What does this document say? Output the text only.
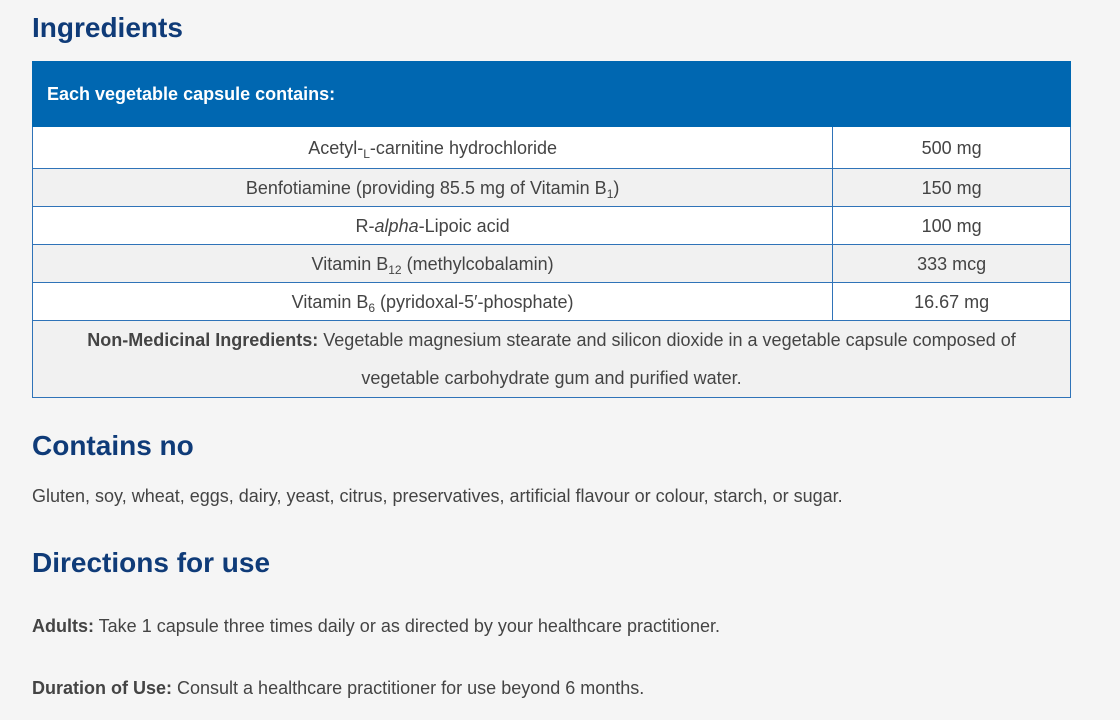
Ingredients
Each vegetable capsule contains:	
Acetyl-$_L$-carnitine hydrochloride	500 mg
Benfotiamine (providing 85.5 mg of Vitamin $B_1$)	150 mg
R-alpha-Lipoic acid	100 mg
Vitamin $B_{12}$ (methylcobalamin)	333 mcg
Vitamin $B_6$ (pyridoxal-5′-phosphate)	16.67 mg
Non-Medicinal Ingredients: Vegetable magnesium stearate and silicon dioxide in a vegetable capsule composed of vegetable carbohydrate gum and purified water.	
Contains no

Gluten, soy, wheat, eggs, dairy, yeast, citrus, preservatives, artificial flavour or colour, starch, or sugar.

Directions for use

Adults: Take 1 capsule three times daily or as directed by your healthcare practitioner.

Duration of Use: Consult a healthcare practitioner for use beyond 6 months.
